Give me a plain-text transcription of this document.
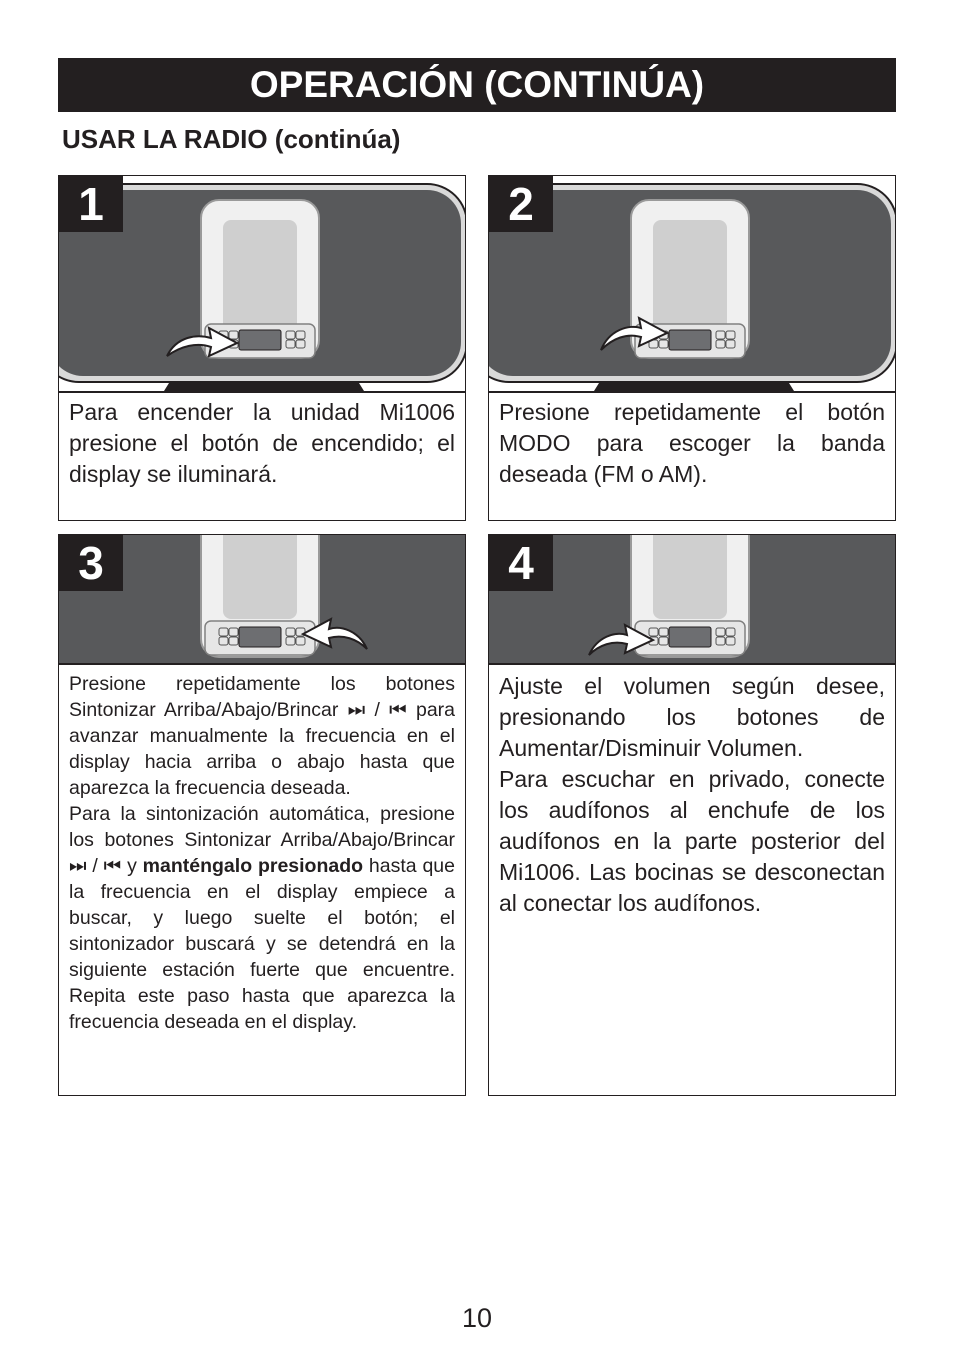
OPERACIÓN (CONTINÚA)
USAR LA RADIO (continúa)
1
Para encender la unidad Mi1006 presione el botón de encendido; el display se iluminará.
2
Presione repetidamente el botón MODO para escoger la banda deseada (FM o AM).
3

Presione repetidamente los botones Sintonizar Arriba/Abajo/Brincar ⏭ / ⏮ para avanzar manualmente la frecuencia en el display hacia arriba o abajo hasta que aparezca la frecuencia deseada.

Para la sintonización automática, presione los botones Sintonizar Arriba/Abajo/Brincar ⏭ / ⏮ y manténgalo presionado hasta que la frecuencia en el display empiece a buscar, y luego suelte el botón; el sintonizador buscará y se detendrá en la siguiente estación fuerte que encuentre. Repita este paso hasta que aparezca la frecuencia deseada en el display.

4

Ajuste el volumen según desee, presionando los botones de Aumentar/Disminuir Volumen.

Para escuchar en privado, conecte los audífonos al enchufe de los audífonos en la parte posterior del Mi1006. Las bocinas se desconectan al conectar los audífonos.

10
